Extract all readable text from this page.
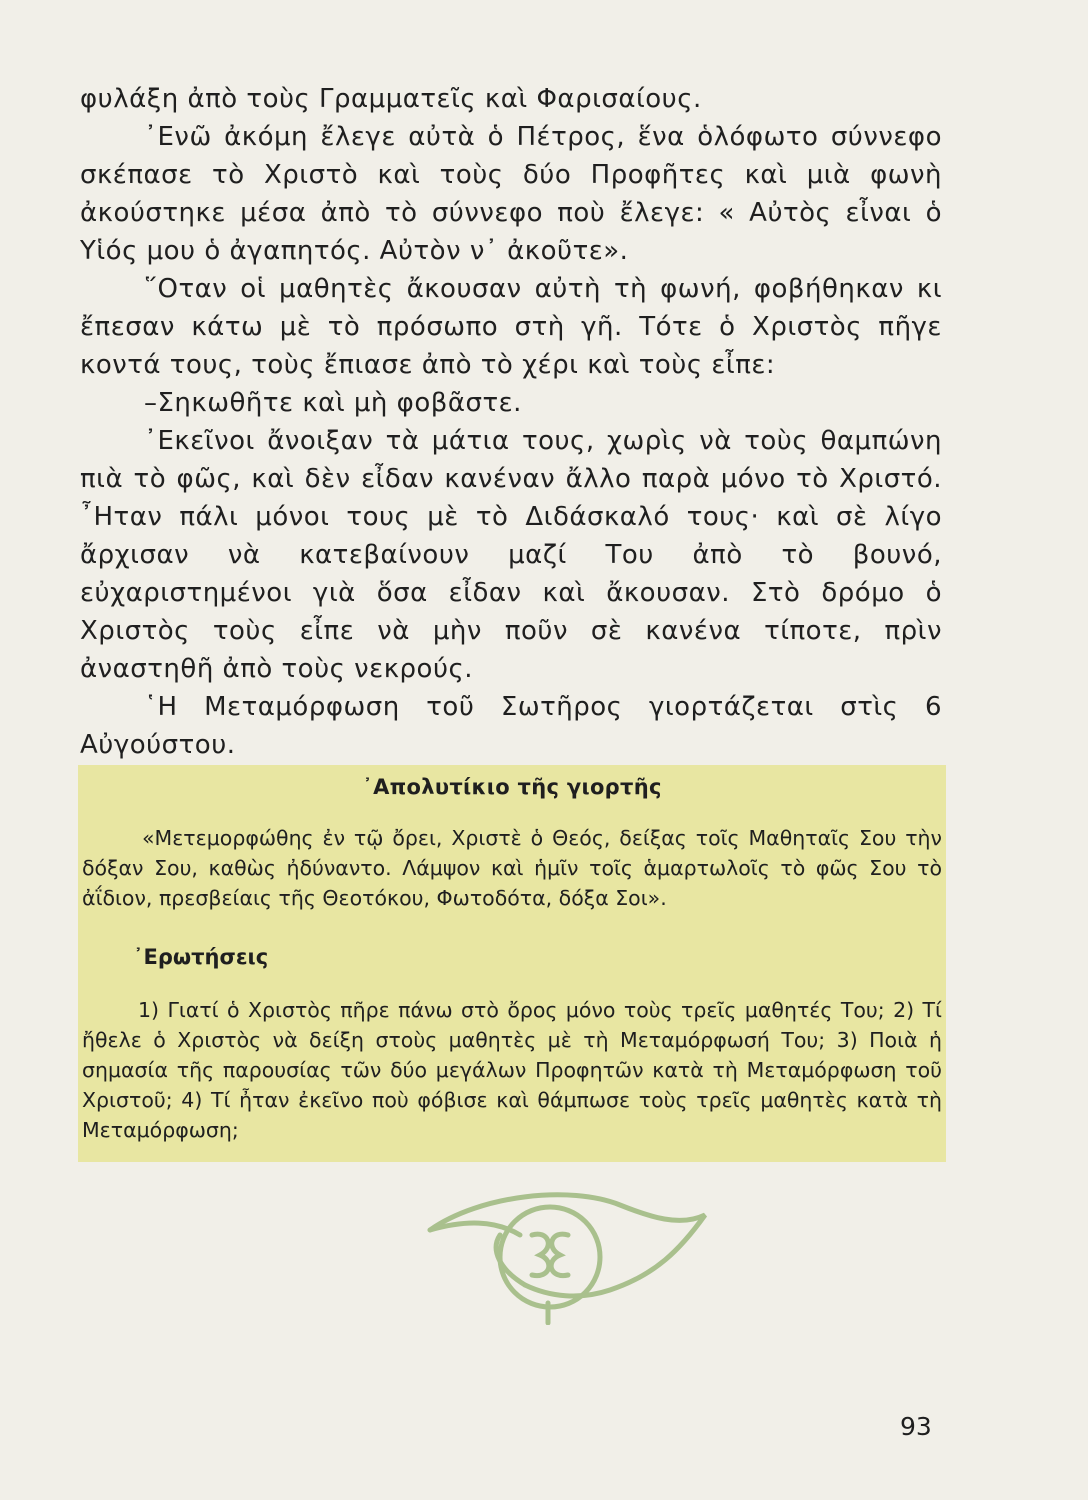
φυλάξη ἀπὸ τοὺς Γραμματεῖς καὶ Φαρισαίους.

᾿Ενῶ ἀκόμη ἔλεγε αὐτὰ ὁ Πέτρος, ἕνα ὁλόφωτο σύννεφο σκέπασε τὸ Χριστὸ καὶ τοὺς δύο Προφῆτες καὶ μιὰ φωνὴ ἀκούστηκε μέσα ἀπὸ τὸ σύννεφο ποὺ ἔλεγε: « Αὐτὸς εἶναι ὁ Υἱός μου ὁ ἀγαπητός. Αὐτὸν ν᾿ ἀκοῦτε».

῞Οταν οἱ μαθητὲς ἄκουσαν αὐτὴ τὴ φωνή, φοβήθηκαν κι ἔπεσαν κάτω μὲ τὸ πρόσωπο στὴ γῆ. Τότε ὁ Χριστὸς πῆγε κοντά τους, τοὺς ἔπιασε ἀπὸ τὸ χέρι καὶ τοὺς εἶπε:

–Σηκωθῆτε καὶ μὴ φοβᾶστε.

᾿Εκεῖνοι ἄνοιξαν τὰ μάτια τους, χωρὶς νὰ τοὺς θαμπώνη πιὰ τὸ φῶς, καὶ δὲν εἶδαν κανέναν ἄλλο παρὰ μόνο τὸ Χριστό. ῏Ηταν πάλι μόνοι τους μὲ τὸ Διδάσκαλό τους· καὶ σὲ λίγο ἄρχισαν νὰ κατεβαίνουν μαζί Του ἀπὸ τὸ βουνό, εὐχαριστημένοι γιὰ ὅσα εἶδαν καὶ ἄκουσαν. Στὸ δρόμο ὁ Χριστὸς τοὺς εἶπε νὰ μὴν ποῦν σὲ κανένα τίποτε, πρὶν ἀναστηθῆ ἀπὸ τοὺς νεκρούς.

῾Η Μεταμόρφωση τοῦ Σωτῆρος γιορτάζεται στὶς 6 Αὐγούστου.

᾿Απολυτίκιο τῆς γιορτῆς

«Μετεμορφώθης ἐν τῷ ὄρει, Χριστὲ ὁ Θεός, δείξας τοῖς Μαθηταῖς Σου τὴν δόξαν Σου, καθὼς ἠδύναντο. Λάμψον καὶ ἡμῖν τοῖς ἁμαρτωλοῖς τὸ φῶς Σου τὸ ἀΐδιον, πρεσβείαις τῆς Θεοτόκου, Φωτοδότα, δόξα Σοι».

᾿Ερωτήσεις

1) Γιατί ὁ Χριστὸς πῆρε πάνω στὸ ὄρος μόνο τοὺς τρεῖς μαθητές Του; 2) Τί ἤθελε ὁ Χριστὸς νὰ δείξη στοὺς μαθητὲς μὲ τὴ Μεταμόρφωσή Του; 3) Ποιὰ ἡ σημασία τῆς παρουσίας τῶν δύο μεγάλων Προφητῶν κατὰ τὴ Μεταμόρφωση τοῦ Χριστοῦ; 4) Τί ἦταν ἐκεῖνο ποὺ φόβισε καὶ θάμπωσε τοὺς τρεῖς μαθητὲς κατὰ τὴ Μεταμόρφωση;

93
